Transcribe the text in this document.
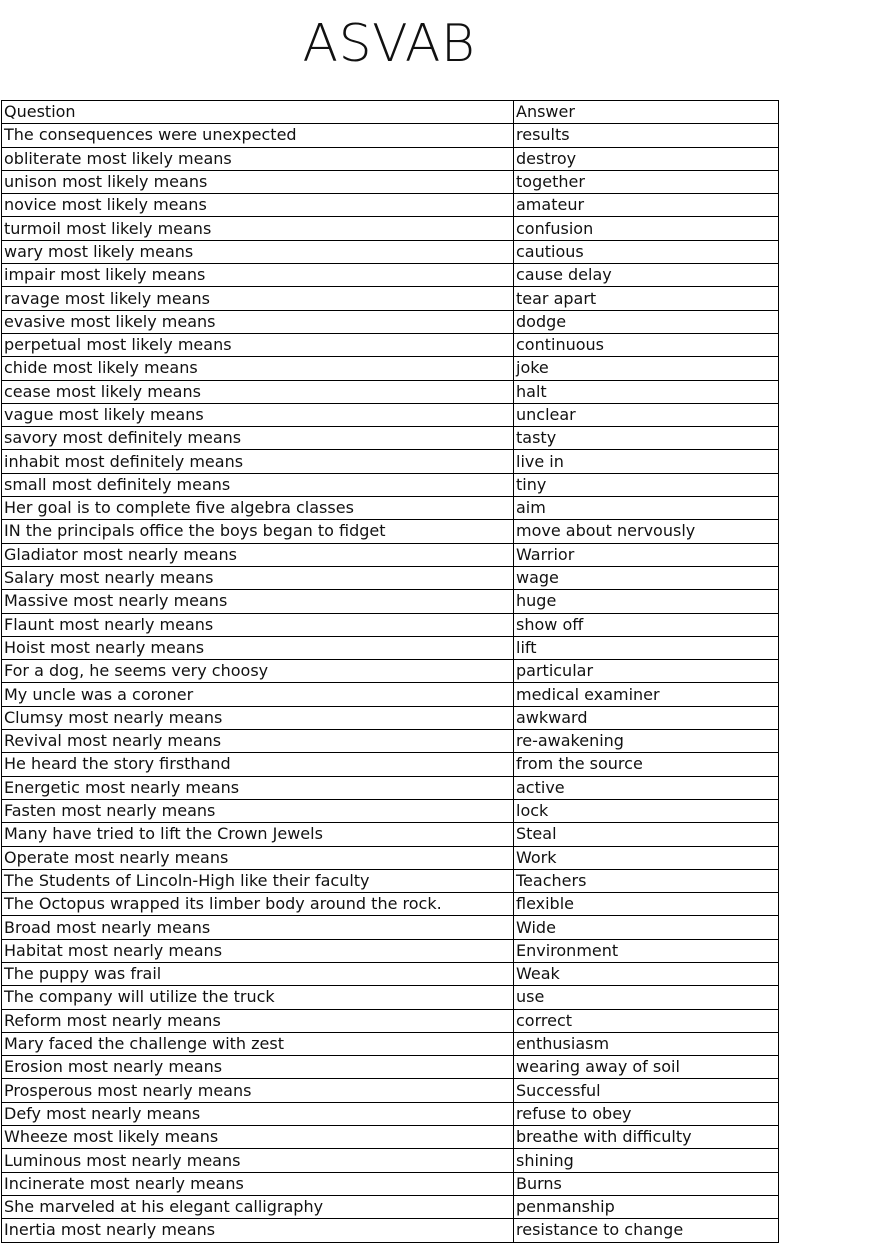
ASVAB
Question	Answer
The consequences were unexpected	results
obliterate most likely means	destroy
unison most likely means	together
novice most likely means	amateur
turmoil most likely means	confusion
wary most likely means	cautious
impair most likely means	cause delay
ravage most likely means	tear apart
evasive most likely means	dodge
perpetual most likely means	continuous
chide most likely means	joke
cease most likely means	halt
vague most likely means	unclear
savory most definitely means	tasty
inhabit most definitely means	live in
small most definitely means	tiny
Her goal is to complete five algebra classes	aim
IN the principals office the boys began to fidget	move about nervously
Gladiator most nearly means	Warrior
Salary most nearly means	wage
Massive most nearly means	huge
Flaunt most nearly means	show off
Hoist most nearly means	lift
For a dog, he seems very choosy	particular
My uncle was a coroner	medical examiner
Clumsy most nearly means	awkward
Revival most nearly means	re-awakening
He heard the story firsthand	from the source
Energetic most nearly means	active
Fasten most nearly means	lock
Many have tried to lift the Crown Jewels	Steal
Operate most nearly means	Work
The Students of Lincoln-High like their faculty	Teachers
The Octopus wrapped its limber body around the rock.	flexible
Broad most nearly means	Wide
Habitat most nearly means	Environment
The puppy was frail	Weak
The company will utilize the truck	use
Reform most nearly means	correct
Mary faced the challenge with zest	enthusiasm
Erosion most nearly means	wearing away of soil
Prosperous most nearly means	Successful
Defy most nearly means	refuse to obey
Wheeze most likely means	breathe with difficulty
Luminous most nearly means	shining
Incinerate most nearly means	Burns
She marveled at his elegant calligraphy	penmanship
Inertia most nearly means	resistance to change
